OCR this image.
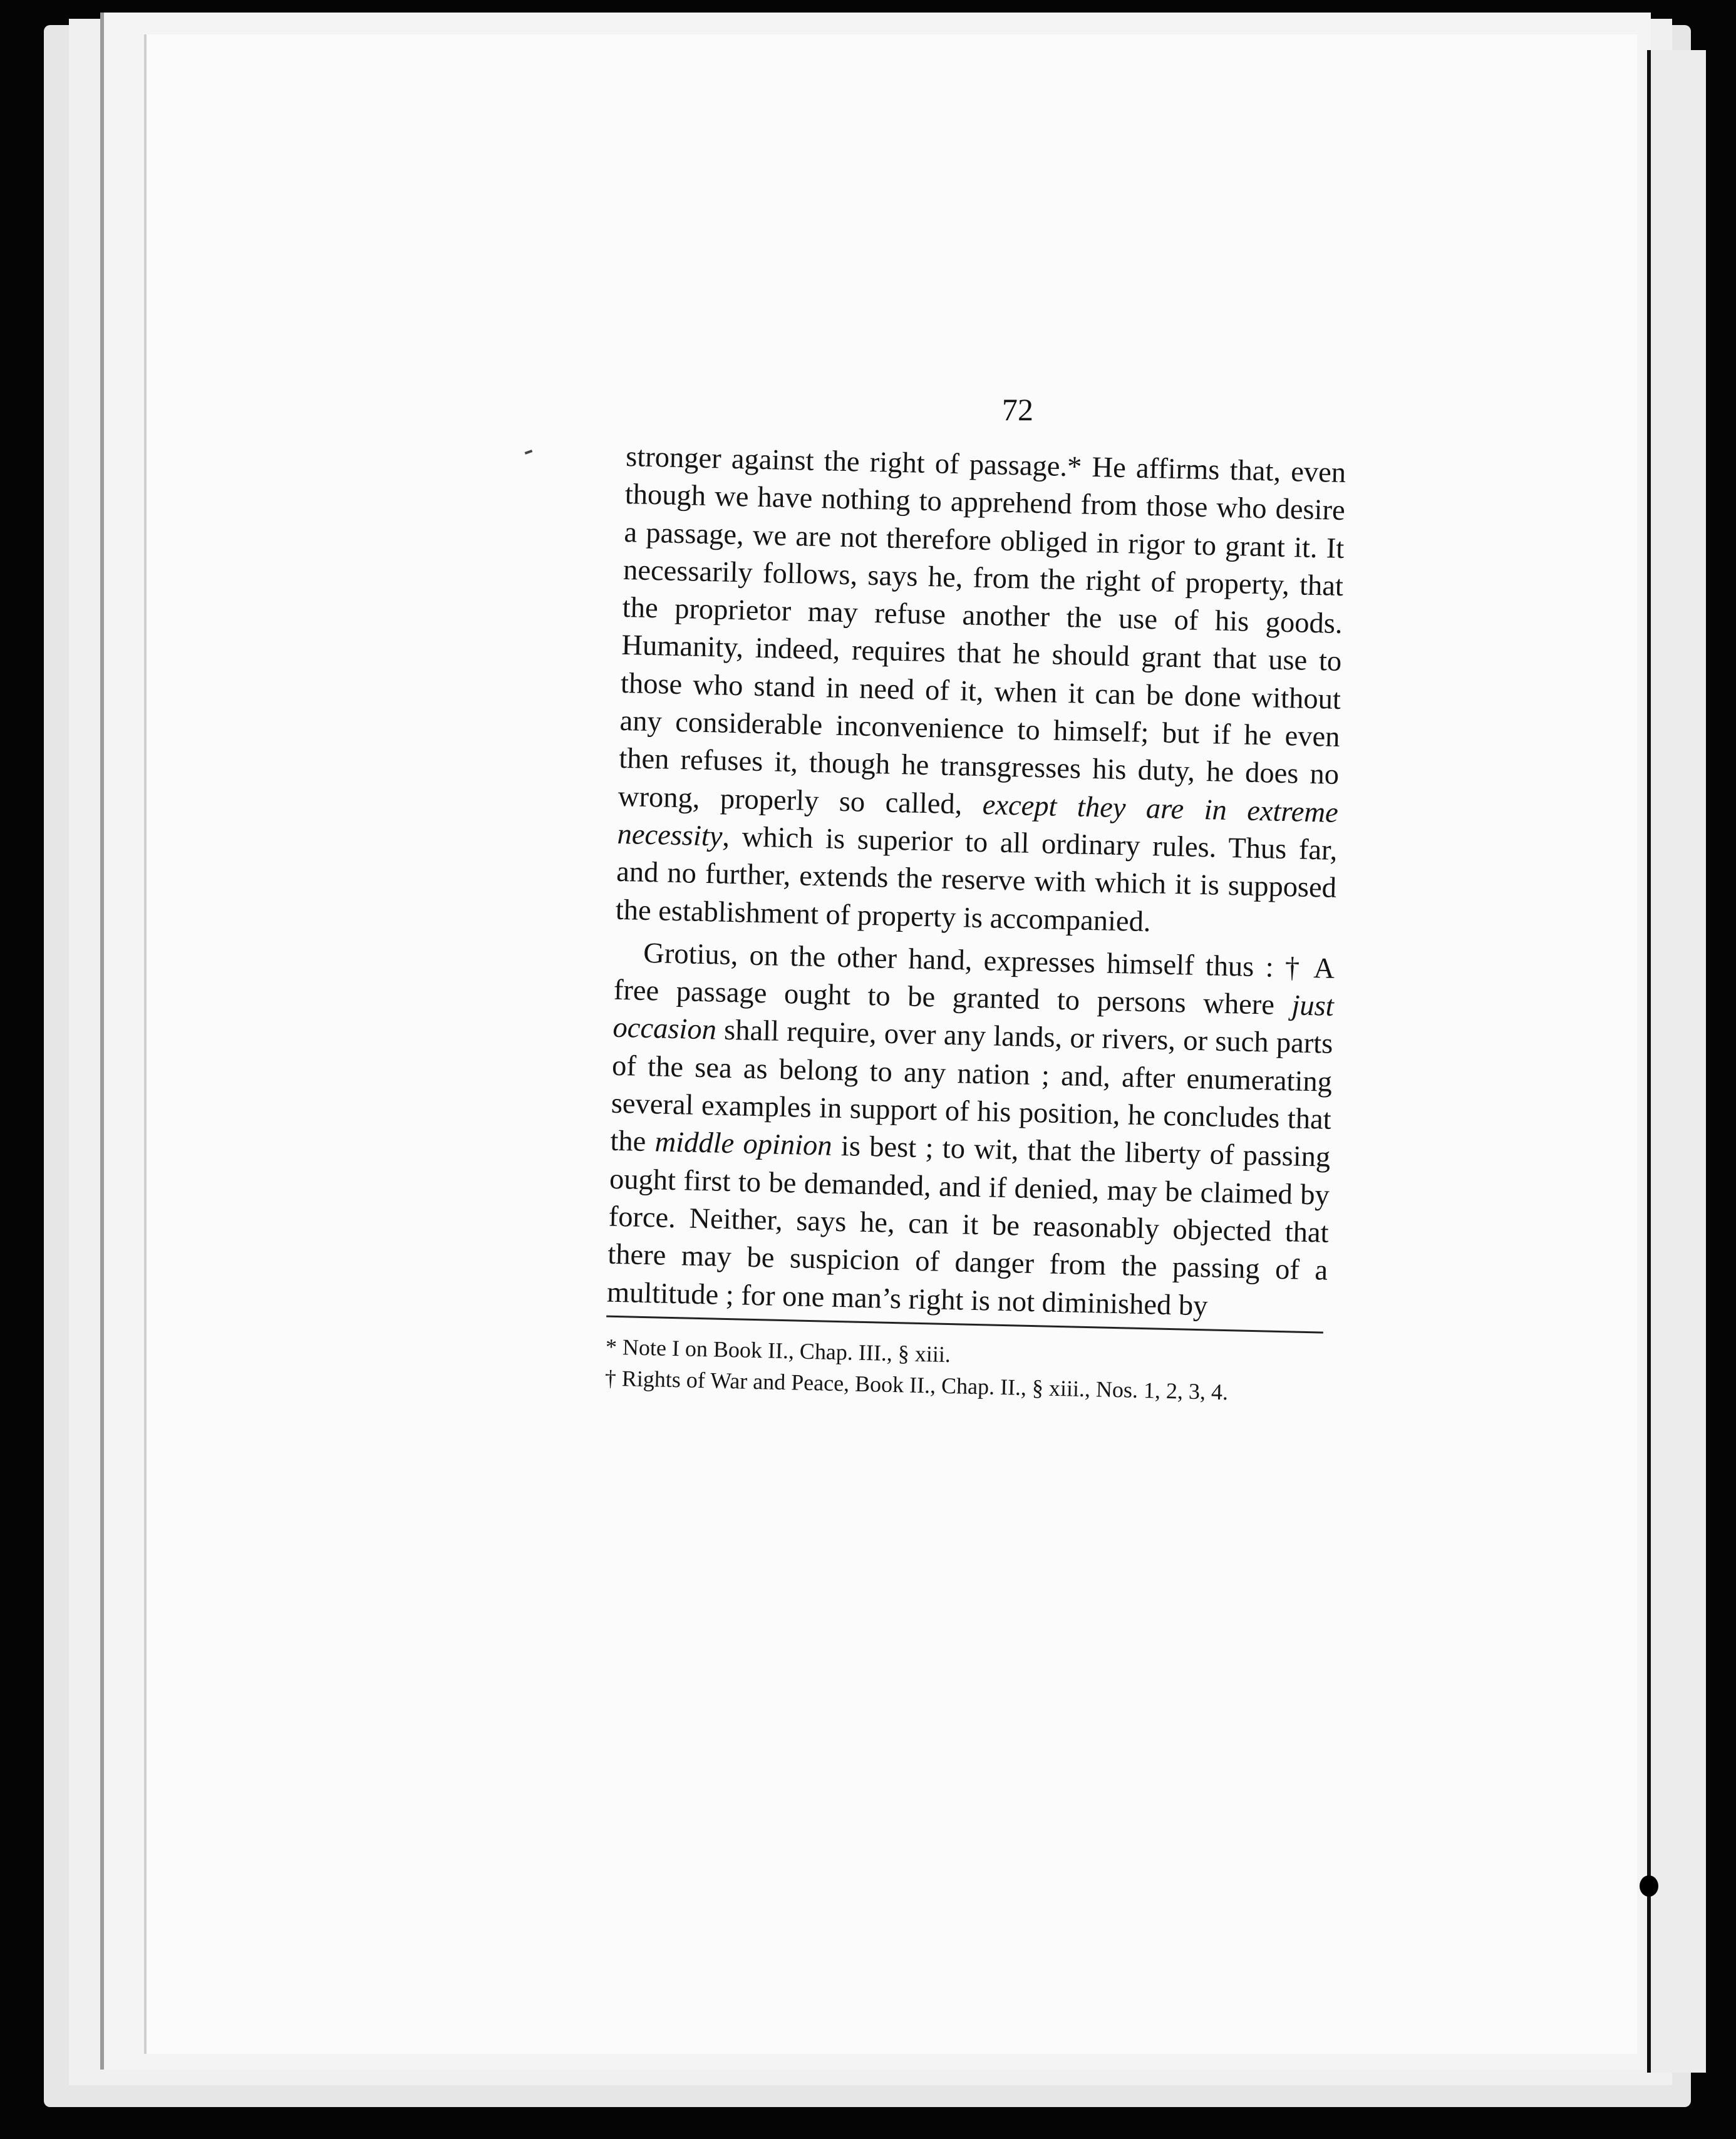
72

stronger against the right of passage.* He affirms that, even though we have nothing to apprehend from those who desire a passage, we are not therefore obliged in rigor to grant it. It necessarily follows, says he, from the right of property, that the proprietor may refuse another the use of his goods. Humanity, indeed, requires that he should grant that use to those who stand in need of it, when it can be done without any considerable inconvenience to himself; but if he even then refuses it, though he transgresses his duty, he does no wrong, properly so called, except they are in extreme necessity, which is superior to all ordinary rules. Thus far, and no further, extends the reserve with which it is supposed the establishment of property is accompanied.

Grotius, on the other hand, expresses himself thus : † A free passage ought to be granted to persons where just occasion shall require, over any lands, or rivers, or such parts of the sea as belong to any nation ; and, after enumerating several examples in support of his position, he concludes that the middle opinion is best ; to wit, that the liberty of passing ought first to be demanded, and if denied, may be claimed by force. Neither, says he, can it be reasonably objected that there may be suspicion of danger from the passing of a multitude ; for one man’s right is not diminished by

* Note I on Book II., Chap. III., § xiii.

† Rights of War and Peace, Book II., Chap. II., § xiii., Nos. 1, 2, 3, 4.
